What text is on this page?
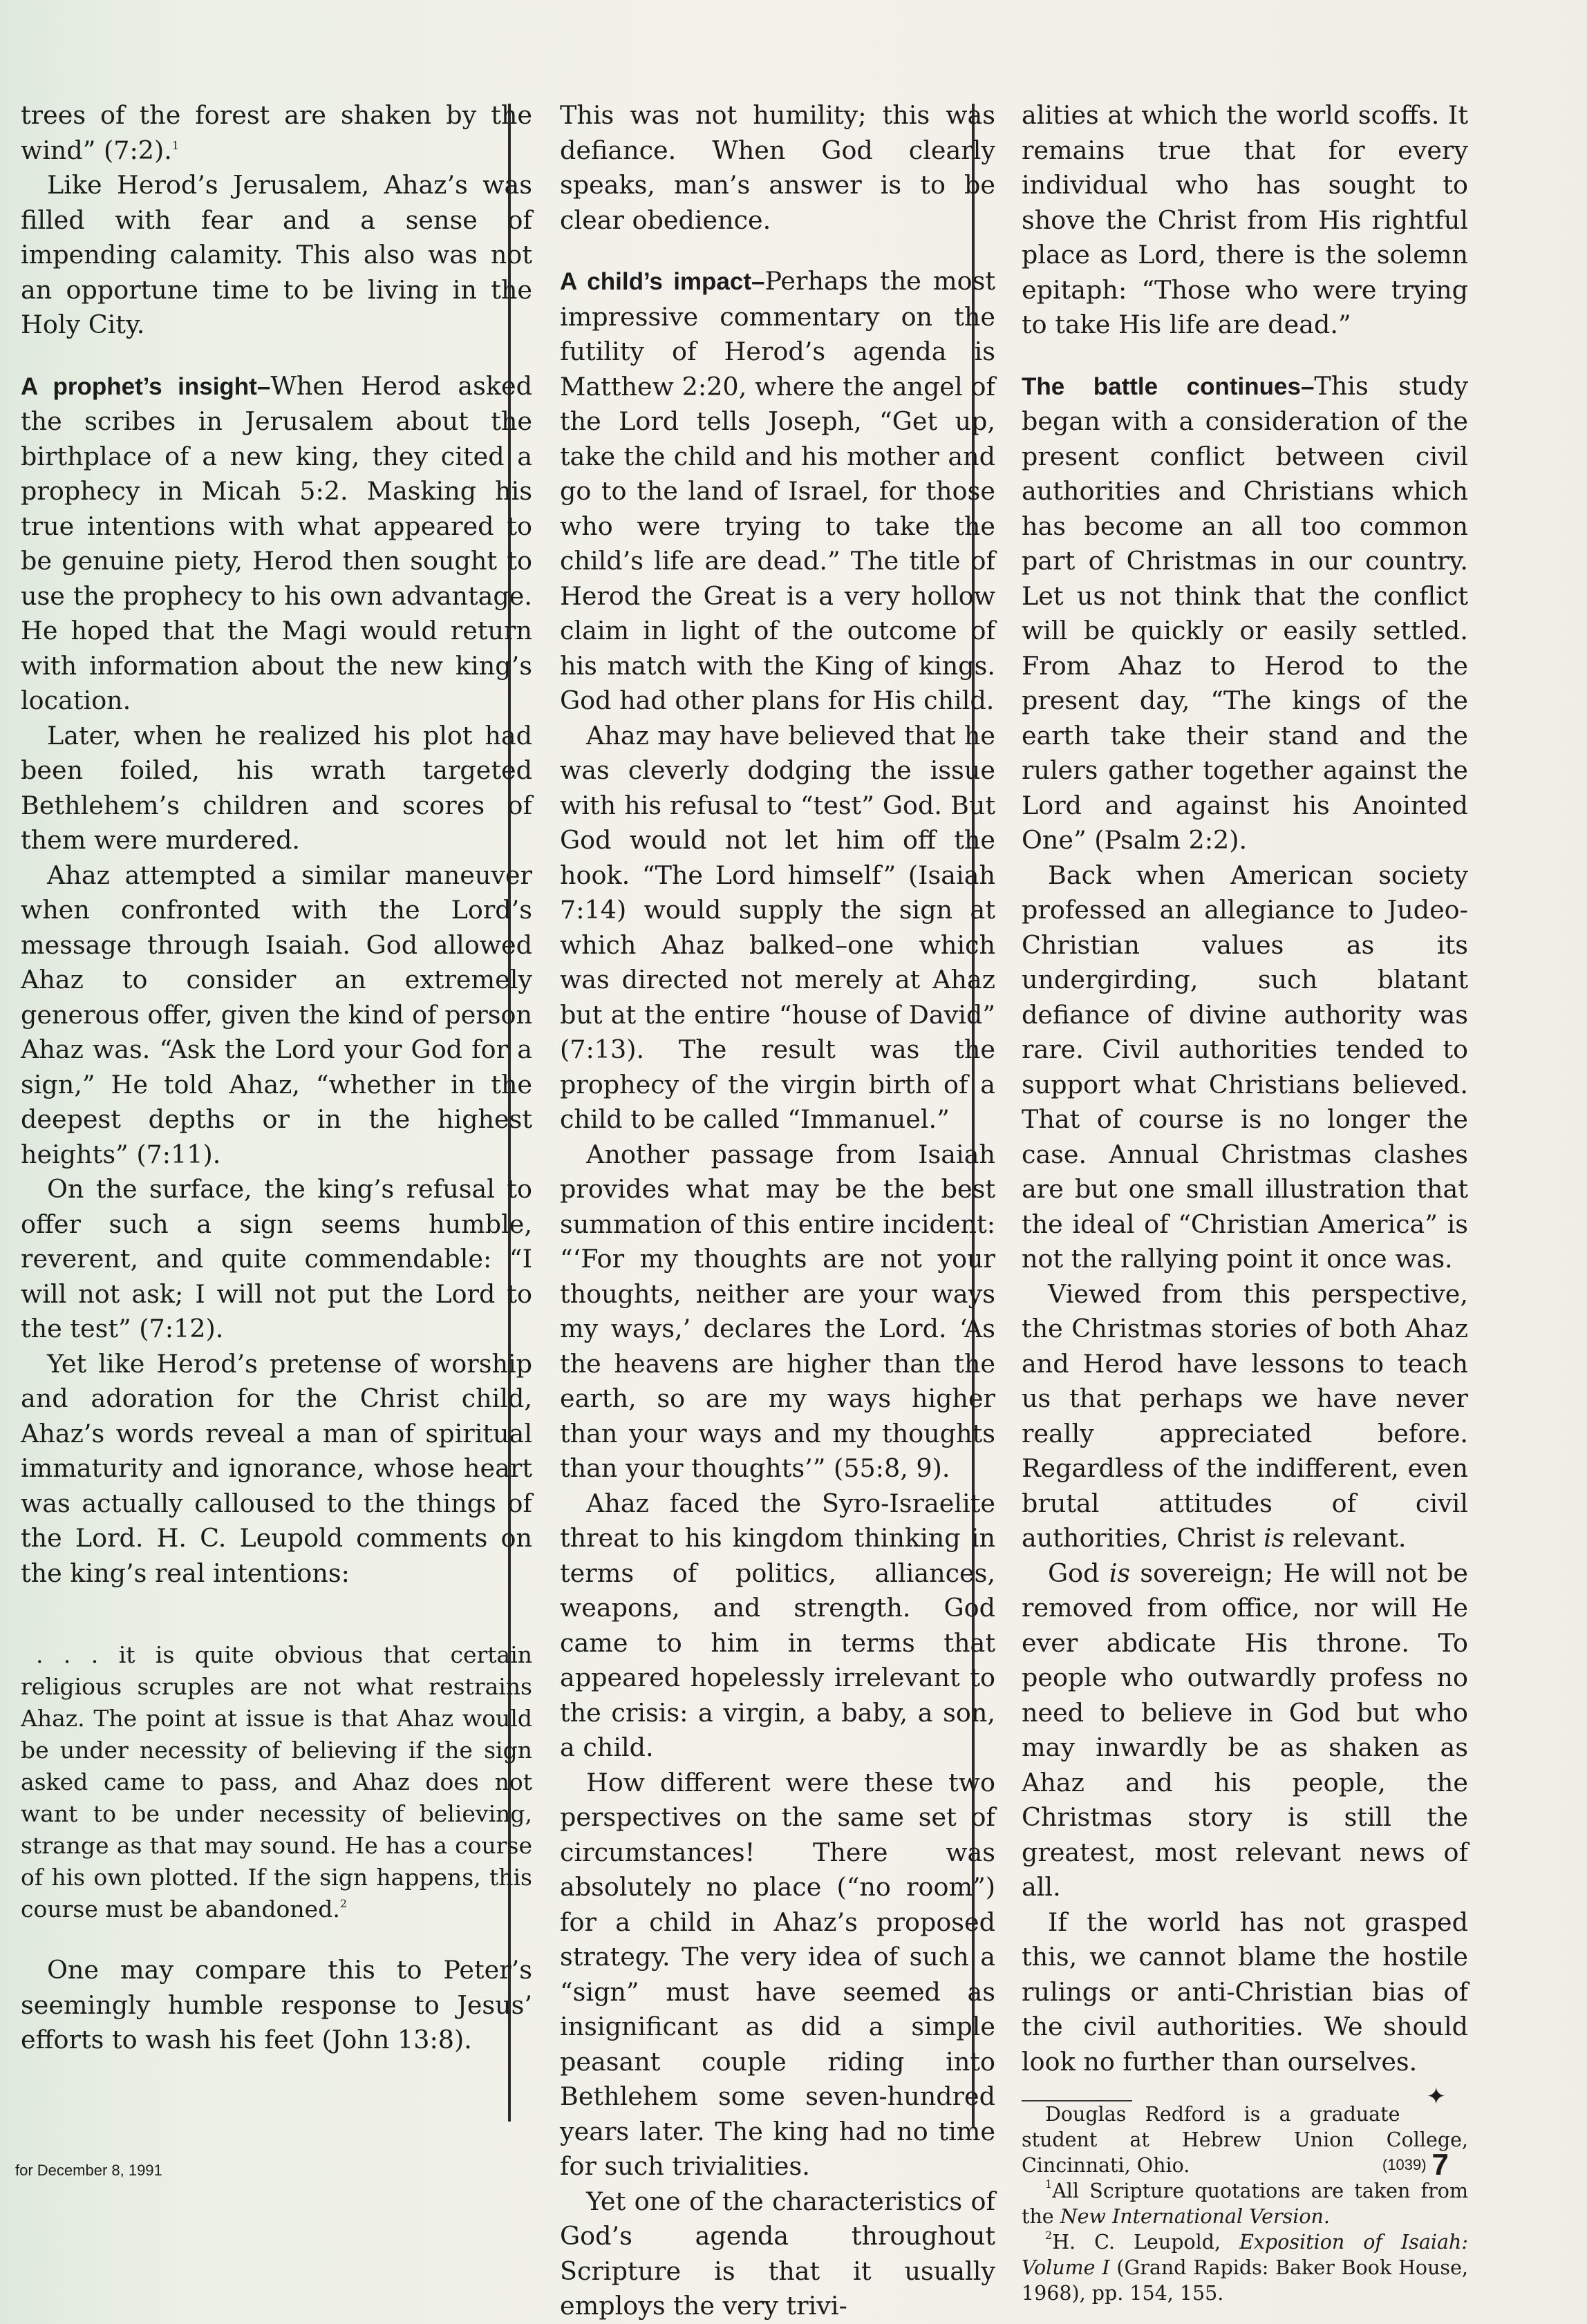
trees of the forest are shaken by the wind” (7:2).$^1$

Like Herod’s Jerusalem, Ahaz’s was filled with fear and a sense of impending calamity. This also was not an opportune time to be living in the Holy City.

A prophet’s insight–When Herod asked the scribes in Jerusalem about the birthplace of a new king, they cited a prophecy in Micah 5:2. Masking his true intentions with what appeared to be genuine piety, Herod then sought to use the prophecy to his own advantage. He hoped that the Magi would return with information about the new king’s location.

Later, when he realized his plot had been foiled, his wrath targeted Bethlehem’s children and scores of them were murdered.

Ahaz attempted a similar maneuver when confronted with the Lord’s message through Isaiah. God allowed Ahaz to consider an extremely generous offer, given the kind of person Ahaz was. “Ask the Lord your God for a sign,” He told Ahaz, “whether in the deepest depths or in the highest heights” (7:11).

On the surface, the king’s refusal to offer such a sign seems humble, reverent, and quite commendable: “I will not ask; I will not put the Lord to the test” (7:12).

Yet like Herod’s pretense of worship and adoration for the Christ child, Ahaz’s words reveal a man of spiritual immaturity and ignorance, whose heart was actually calloused to the things of the Lord. H. C. Leupold comments on the king’s real intentions:

. . . it is quite obvious that certain religious scruples are not what restrains Ahaz. The point at issue is that Ahaz would be under necessity of believing if the sign asked came to pass, and Ahaz does not want to be under necessity of believing, strange as that may sound. He has a course of his own plotted. If the sign happens, this course must be abandoned.$^2$

One may compare this to Peter’s seemingly humble response to Jesus’ efforts to wash his feet (John 13:8).

This was not humility; this was defiance. When God clearly speaks, man’s answer is to be clear obedience.

A child’s impact–Perhaps the most impressive commentary on the futility of Herod’s agenda is Matthew 2:20, where the angel of the Lord tells Joseph, “Get up, take the child and his mother and go to the land of Israel, for those who were trying to take the child’s life are dead.” The title of Herod the Great is a very hollow claim in light of the outcome of his match with the King of kings. God had other plans for His child.

Ahaz may have believed that he was cleverly dodging the issue with his refusal to “test” God. But God would not let him off the hook. “The Lord himself” (Isaiah 7:14) would supply the sign at which Ahaz balked–one which was directed not merely at Ahaz but at the entire “house of David” (7:13). The result was the prophecy of the virgin birth of a child to be called “Immanuel.”

Another passage from Isaiah provides what may be the best summation of this entire incident: “‘For my thoughts are not your thoughts, neither are your ways my ways,’ declares the Lord. ‘As the heavens are higher than the earth, so are my ways higher than your ways and my thoughts than your thoughts’” (55:8, 9).

Ahaz faced the Syro-Israelite threat to his kingdom thinking in terms of politics, alliances, weapons, and strength. God came to him in terms that appeared hopelessly irrelevant to the crisis: a virgin, a baby, a son, a child.

How different were these two perspectives on the same set of circumstances! There was absolutely no place (“no room”) for a child in Ahaz’s proposed strategy. The very idea of such a “sign” must have seemed as insignificant as did a simple peasant couple riding into Bethlehem some seven-hundred years later. The king had no time for such trivialities.

Yet one of the characteristics of God’s agenda throughout Scripture is that it usually employs the very trivi-

alities at which the world scoffs. It remains true that for every individual who has sought to shove the Christ from His rightful place as Lord, there is the solemn epitaph: “Those who were trying to take His life are dead.”

The battle continues–This study began with a consideration of the present conflict between civil authorities and Christians which has become an all too common part of Christmas in our country. Let us not think that the conflict will be quickly or easily settled. From Ahaz to Herod to the present day, “The kings of the earth take their stand and the rulers gather together against the Lord and against his Anointed One” (Psalm 2:2).

Back when American society professed an allegiance to Judeo-Christian values as its undergirding, such blatant defiance of divine authority was rare. Civil authorities tended to support what Christians believed. That of course is no longer the case. Annual Christmas clashes are but one small illustration that the ideal of “Christian America” is not the rallying point it once was.

Viewed from this perspective, the Christmas stories of both Ahaz and Herod have lessons to teach us that perhaps we have never really appreciated before. Regardless of the indifferent, even brutal attitudes of civil authorities, Christ is relevant.

God is sovereign; He will not be removed from office, nor will He ever abdicate His throne. To people who outwardly profess no need to believe in God but who may inwardly be as shaken as Ahaz and his people, the Christmas story is still the greatest, most relevant news of all.

If the world has not grasped this, we cannot blame the hostile rulings or anti-Christian bias of the civil authorities. We should look no further than ourselves.
✦

Douglas Redford is a graduate student at Hebrew Union College, Cincinnati, Ohio.

$^1$All Scripture quotations are taken from the New International Version.

$^2$H. C. Leupold, Exposition of Isaiah: Volume I (Grand Rapids: Baker Book House, 1968), pp. 154, 155.

for December 8, 1991	(1039) 7
